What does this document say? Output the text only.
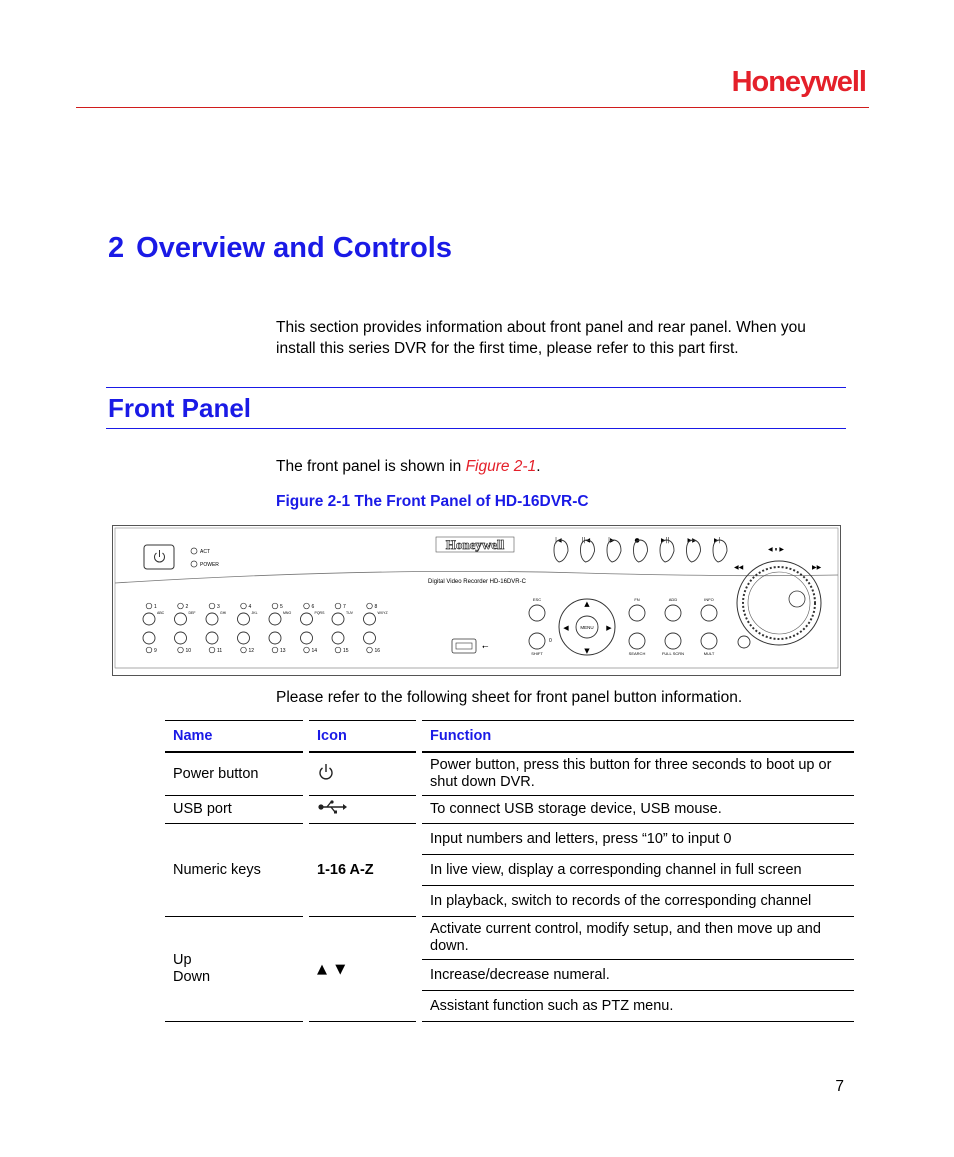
Honeywell
2 Overview and Controls

This section provides information about front panel and rear panel. When you install this series DVR for the first time, please refer to this part first.

Front Panel

The front panel is shown in Figure 2-1.

Figure 2-1 The Front Panel of HD-16DVR-C

ACT
POWER
Honeywell
Digital Video Recorder HD-16DVR-C
1
ABC
9
2
DEF
10
3
GHI
11
4
JKL
12
5
MNO
13
6
PQRS
14
7
TUV
15
8
WXYZ
16
|◀	||◀	|▶	●	▶||	▶▶	▶|
⭠
ESC
SHIFT
0
MENU
▲
▼
◀	▶
FN	ADD	INFO
SEARCH	FULL SCRN	MULT
◀ ⏸ ▶
◀◀	▶▶

Please refer to the following sheet for front panel button information.

Name	Icon	Function
Power button		Power button, press this button for three seconds to boot up or shut down DVR.
USB port		To connect USB storage device, USB mouse.
Numeric keys	1-16 A-Z	Input numbers and letters, press “10” to input 0
		In live view, display a corresponding channel in full screen
		In playback, switch to records of the corresponding channel
Up
Down	▲  ▼	Activate current control, modify setup, and then move up and down.
		Increase/decrease numeral.
		Assistant function such as PTZ menu.

7
